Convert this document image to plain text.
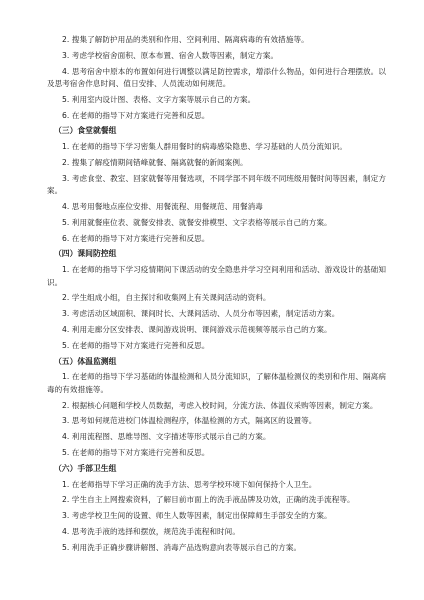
2. 搜集了解防护用品的类别和作用、空间利用、隔离病毒的有效措施等。
3. 考虑学校宿舍面积、原本布置、宿舍人数等因素，制定方案。
4. 思考宿舍中原本的布置如何进行调整以满足防控需求，增添什么物品，如何进行合理摆放。以及思考宿舍作息时间、值日安排、人员流动如何规范。
5. 利用室内设计图、表格、文字方案等展示自己的方案。
6. 在老师的指导下对方案进行完善和反思。
（三）食堂就餐组
1. 在老师的指导下学习密集人群用餐时的病毒感染隐患、学习基础的人员分流知识。
2. 搜集了解疫情期间错峰就餐、隔离就餐的新闻案例。
3. 考虑食堂、教室、回家就餐等用餐选项，不同学部不同年级不同班级用餐时间等因素，制定方案。
4. 思考用餐地点座位安排、用餐流程、用餐规范、用餐消毒
5. 利用就餐座位表、就餐安排表、就餐安排模型、文字表格等展示自己的方案。
6. 在老师的指导下对方案进行完善和反思。
（四）课间防控组
1. 在老师的指导下学习疫情期间下课活动的安全隐患并学习空间利用和活动、游戏设计的基础知识。
2. 学生组成小组，自主探讨和收集网上有关课间活动的资料。
3. 考虑活动区域面积、课间时长、大课间活动、人员分布等因素，制定活动方案。
4. 利用走廊分区安排表、课间游戏说明、课间游戏示范视频等展示自己的方案。
5. 在老师的指导下对方案进行完善和反思。
（五）体温监测组
1. 在老师的指导下学习基础的体温检测和人员分流知识，了解体温检测仪的类别和作用、隔离病毒的有效措施等。
2. 根据核心问题和学校人员数据，考虑入校时间，分流方法、体温仪采购等因素，制定方案。
3. 思考如何规范进校门体温检测程序，体温检测的方式，隔离区的设置等。
4. 利用流程图、思维导图、文字描述等形式展示自己的方案。
5. 在老师的指导下对方案进行完善和反思。
（六）手部卫生组
1. 在老师指导下学习正确的洗手方法、思考学校环境下如何保持个人卫生。
2. 学生自主上网搜索资料，了解目前市面上的洗手液品牌及功效，正确的洗手流程等。
3. 考虑学校卫生间的设置、师生人数等因素，制定出保障师生手部安全的方案。
4. 思考洗手液的选择和摆放，规范洗手流程和时间。
5. 利用洗手正确步骤讲解图、消毒产品选购意向表等展示自己的方案。
